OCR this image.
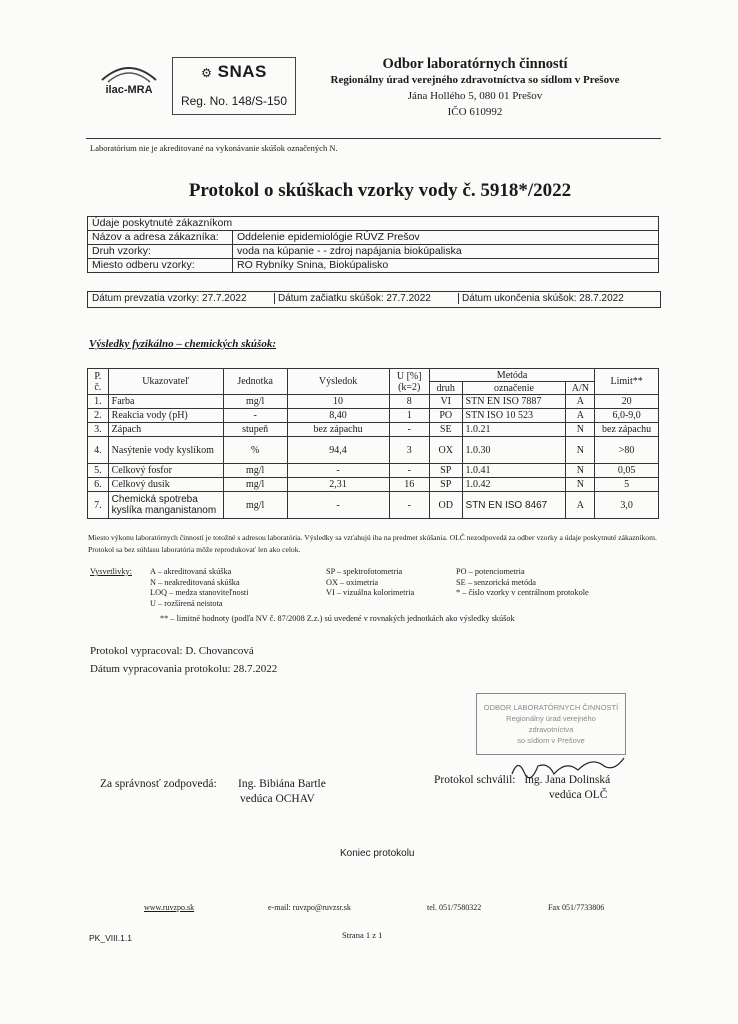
ilac-MRA
⚙ SNAS
Reg. No. 148/S-150
Odbor laboratórnych činností
Regionálny úrad verejného zdravotníctva so sídlom v Prešove
Jána Hollého 5, 080 01 Prešov
IČO 610992
Laboratórium nie je akreditované na vykonávanie skúšok označených N.
Protokol o skúškach vzorky vody č. 5918*/2022
Údaje poskytnuté zákazníkom	
Názov a adresa zákazníka:	Oddelenie epidemiológie RÚVZ Prešov
Druh vzorky:	voda na kúpanie - - zdroj napájania biokúpaliska
Miesto odberu vzorky:	RO Rybníky Snina, Biokúpalisko
Dátum prevzatia vzorky: 27.7.2022	Dátum začiatku skúšok: 27.7.2022	Dátum ukončenia skúšok: 28.7.2022
Výsledky fyzikálno – chemických skúšok:
P. č.	Ukazovateľ	Jednotka	Výsledok	U [%] (k=2)	Metóda			Limit**
					druh	označenie	A/N	
1.	Farba	mg/l	10	8	VI	STN EN ISO 7887	A	20
2.	Reakcia vody (pH)	-	8,40	1	PO	STN ISO 10 523	A	6,0-9,0
3.	Zápach	stupeň	bez zápachu	-	SE	1.0.21	N	bez zápachu
4.	Nasýtenie vody kyslíkom	%	94,4	3	OX	1.0.30	N	>80
5.	Celkový fosfor	mg/l	-	-	SP	1.0.41	N	0,05
6.	Celkový dusík	mg/l	2,31	16	SP	1.0.42	N	5
7.	Chemická spotreba kyslíka manganistanom	mg/l	-	-	OD	STN EN ISO 8467	A	3,0
Miesto výkonu laboratórnych činností je totožné s adresou laboratória. Výsledky sa vzťahujú iba na predmet skúšania. OLČ nezodpovedá za odber vzorky a údaje poskytnuté zákazníkom. Protokol sa bez súhlasu laboratória môže reprodukovať len ako celok.
Vysvetlivky: A – akreditovaná skúška
N – neakreditovaná skúška
LOQ – medza stanoviteľnosti
U – rozšírená neistota
SP – spektrofotometria
OX – oximetria
VI – vizuálna kolorimetria
PO – potenciometria
SE – senzorická metóda
* – číslo vzorky v centrálnom protokole
** – limitné hodnoty (podľa NV č. 87/2008 Z.z.) sú uvedené v rovnakých jednotkách ako výsledky skúšok
Protokol vypracoval: D. Chovancová
Dátum vypracovania protokolu: 28.7.2022
ODBOR LABORATÓRNYCH ČINNOSTÍ
Regionálny úrad verejného
zdravotníctva
so sídlom v Prešove
Za správnosť zodpovedá: Ing. Bibiána Bartle
vedúca OCHAV
Protokol schválil: Ing. Jana Dolinská
vedúca OLČ
Koniec protokolu
www.ruvzpo.sk	e-mail: ruvzpo@ruvzsr.sk	tel. 051/7580322	Fax 051/7733806
PK_VIII.1.1	Strana 1 z 1
